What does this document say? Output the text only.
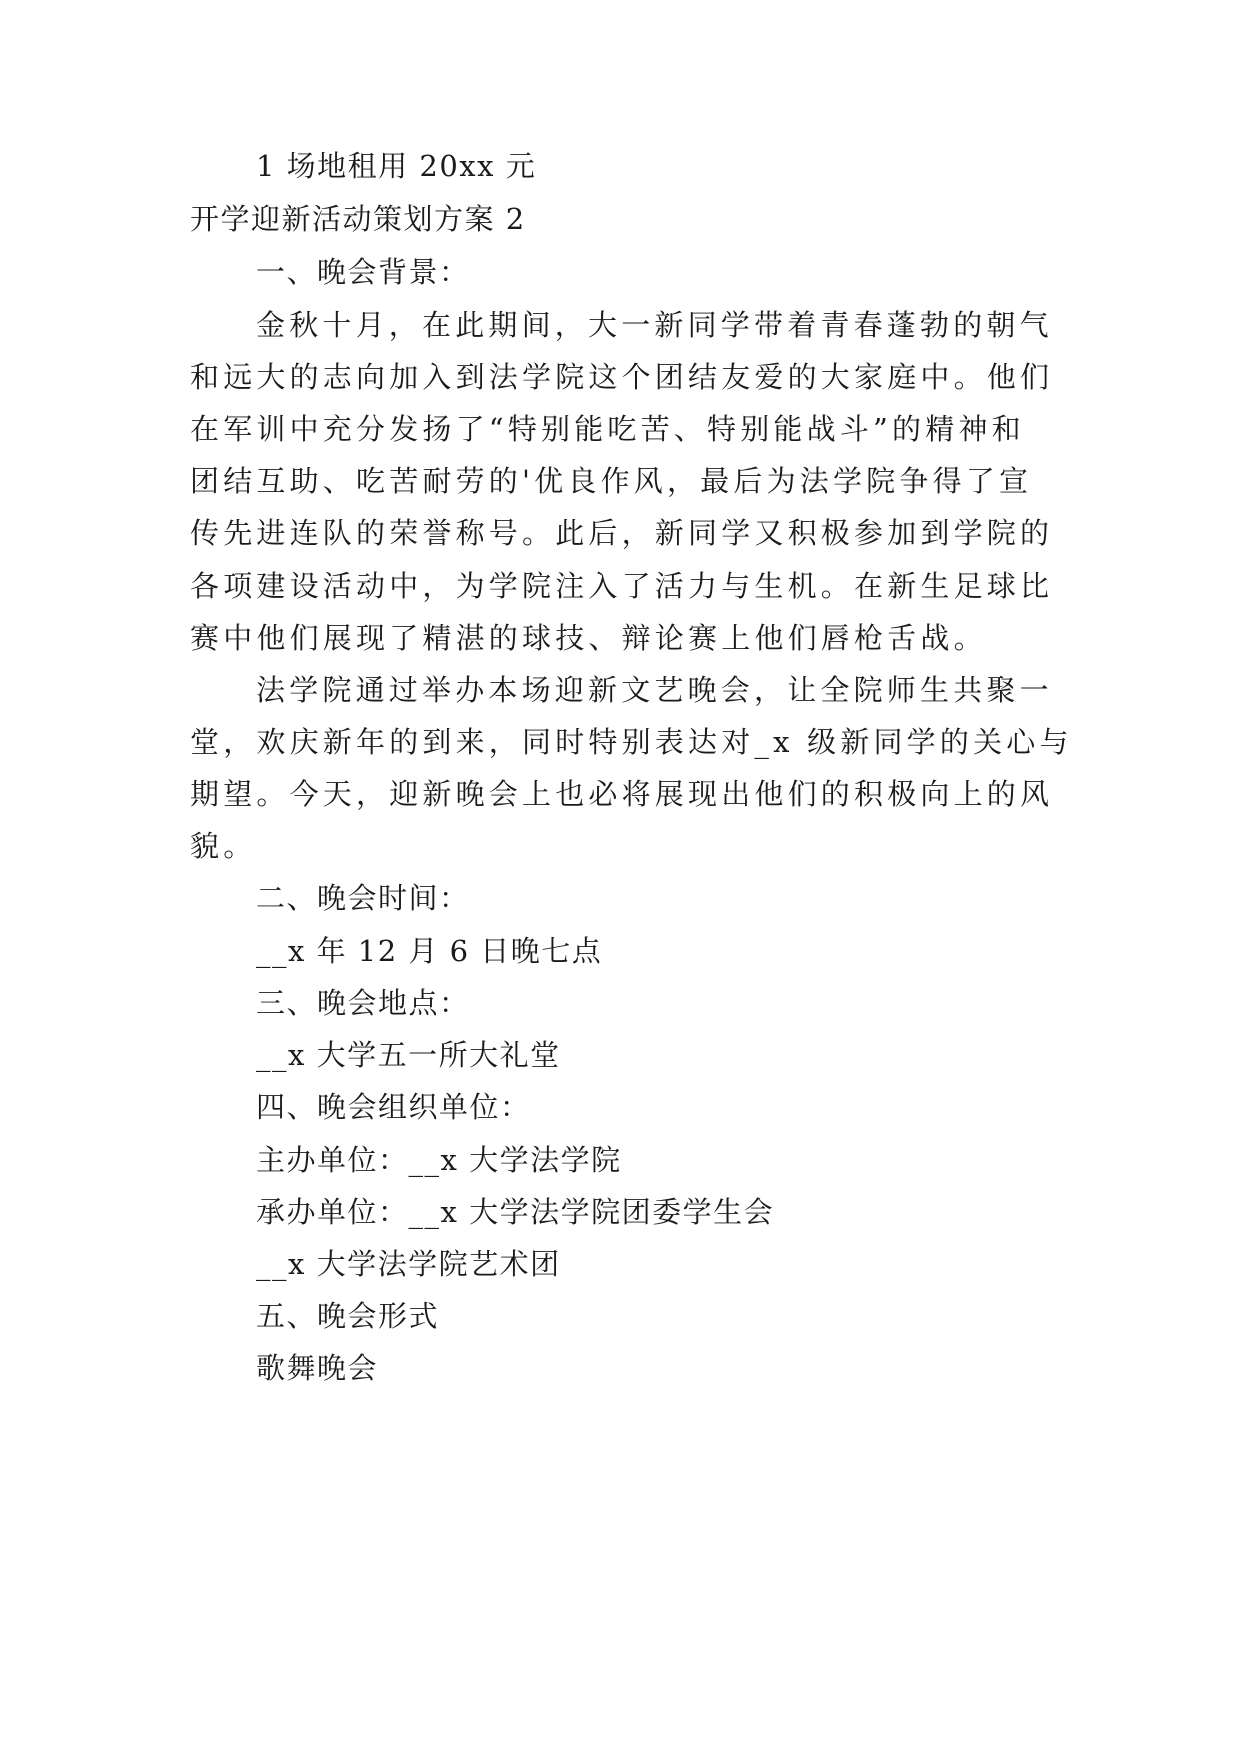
1 场地租用 20xx 元
开学迎新活动策划方案 2
一、晚会背景：
金秋十月，在此期间，大一新同学带着青春蓬勃的朝气
和远大的志向加入到法学院这个团结友爱的大家庭中。他们
在军训中充分发扬了“特别能吃苦、特别能战斗”的精神和
团结互助、吃苦耐劳的'优良作风，最后为法学院争得了宣
传先进连队的荣誉称号。此后，新同学又积极参加到学院的
各项建设活动中，为学院注入了活力与生机。在新生足球比
赛中他们展现了精湛的球技、辩论赛上他们唇枪舌战。
法学院通过举办本场迎新文艺晚会，让全院师生共聚一
堂，欢庆新年的到来，同时特别表达对_x 级新同学的关心与
期望。今天，迎新晚会上也必将展现出他们的积极向上的风
貌。
二、晚会时间：
__x 年 12 月 6 日晚七点
三、晚会地点：
__x 大学五一所大礼堂
四、晚会组织单位：
主办单位：__x 大学法学院
承办单位：__x 大学法学院团委学生会
__x 大学法学院艺术团
五、晚会形式
歌舞晚会
